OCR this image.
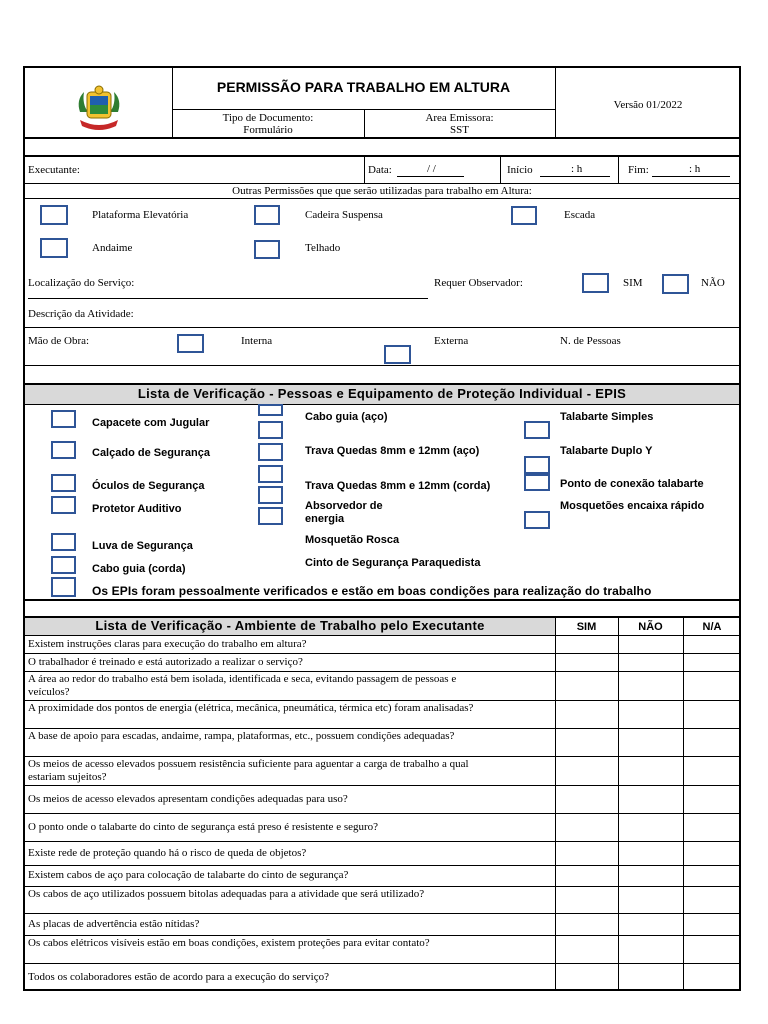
PERMISSÃO PARA TRABALHO EM ALTURA
Tipo de Documento:
Formulário
Area Emissora:
SST
Versão 01/2022
Executante:	Data:	/ /	Início	: h	Fim:	: h
Outras Permissões que que serão utilizadas para trabalho em Altura:
Plataforma Elevatória	Cadeira Suspensa	Escada
Andaime	Telhado
Localização do Serviço:	Requer Observador:	SIM	NÃO
Descrição da Atividade:
Mão de Obra:	Interna	Externa	N. de Pessoas
Lista de Verificação - Pessoas e Equipamento de Proteção Individual - EPIS
Capacete com Jugular
Calçado de Segurança
Óculos de Segurança
Protetor Auditivo
Luva de Segurança
Cabo guia (corda)
Cabo guia (aço)
Trava Quedas 8mm e 12mm (aço)
Trava Quedas 8mm e 12mm (corda)
Absorvedor de energia
Mosquetão Rosca
Cinto de Segurança Paraquedista
Talabarte Simples
Talabarte Duplo Y
Ponto de conexão talabarte
Mosquetões encaixa rápido
Os EPIs foram pessoalmente verificados e estão em boas condições para realização do trabalho
Lista de Verificação - Ambiente de Trabalho pelo Executante	SIM	NÃO	N/A
Existem instruções claras para execução do trabalho em altura?
O trabalhador é treinado e está autorizado a realizar o serviço?
A área ao redor do trabalho está bem isolada, identificada e seca, evitando passagem de pessoas e veículos?
A proximidade dos pontos de energia (elétrica, mecânica, pneumática, térmica etc) foram analisadas?
A base de apoio para escadas, andaime, rampa, plataformas, etc., possuem condições adequadas?
Os meios de acesso elevados possuem resistência suficiente para aguentar a carga de trabalho a qual estariam sujeitos?
Os meios de acesso elevados apresentam condições adequadas para uso?
O ponto onde o talabarte do cinto de segurança está preso é resistente e seguro?
Existe rede de proteção quando há o risco de queda de objetos?
Existem cabos de aço para colocação de talabarte do cinto de segurança?
Os cabos de aço utilizados possuem bitolas adequadas para a atividade que será utilizado?
As placas de advertência estão nítidas?
Os cabos elétricos visíveis estão em boas condições, existem proteções para evitar contato?
Todos os colaboradores estão de acordo para a execução do serviço?
